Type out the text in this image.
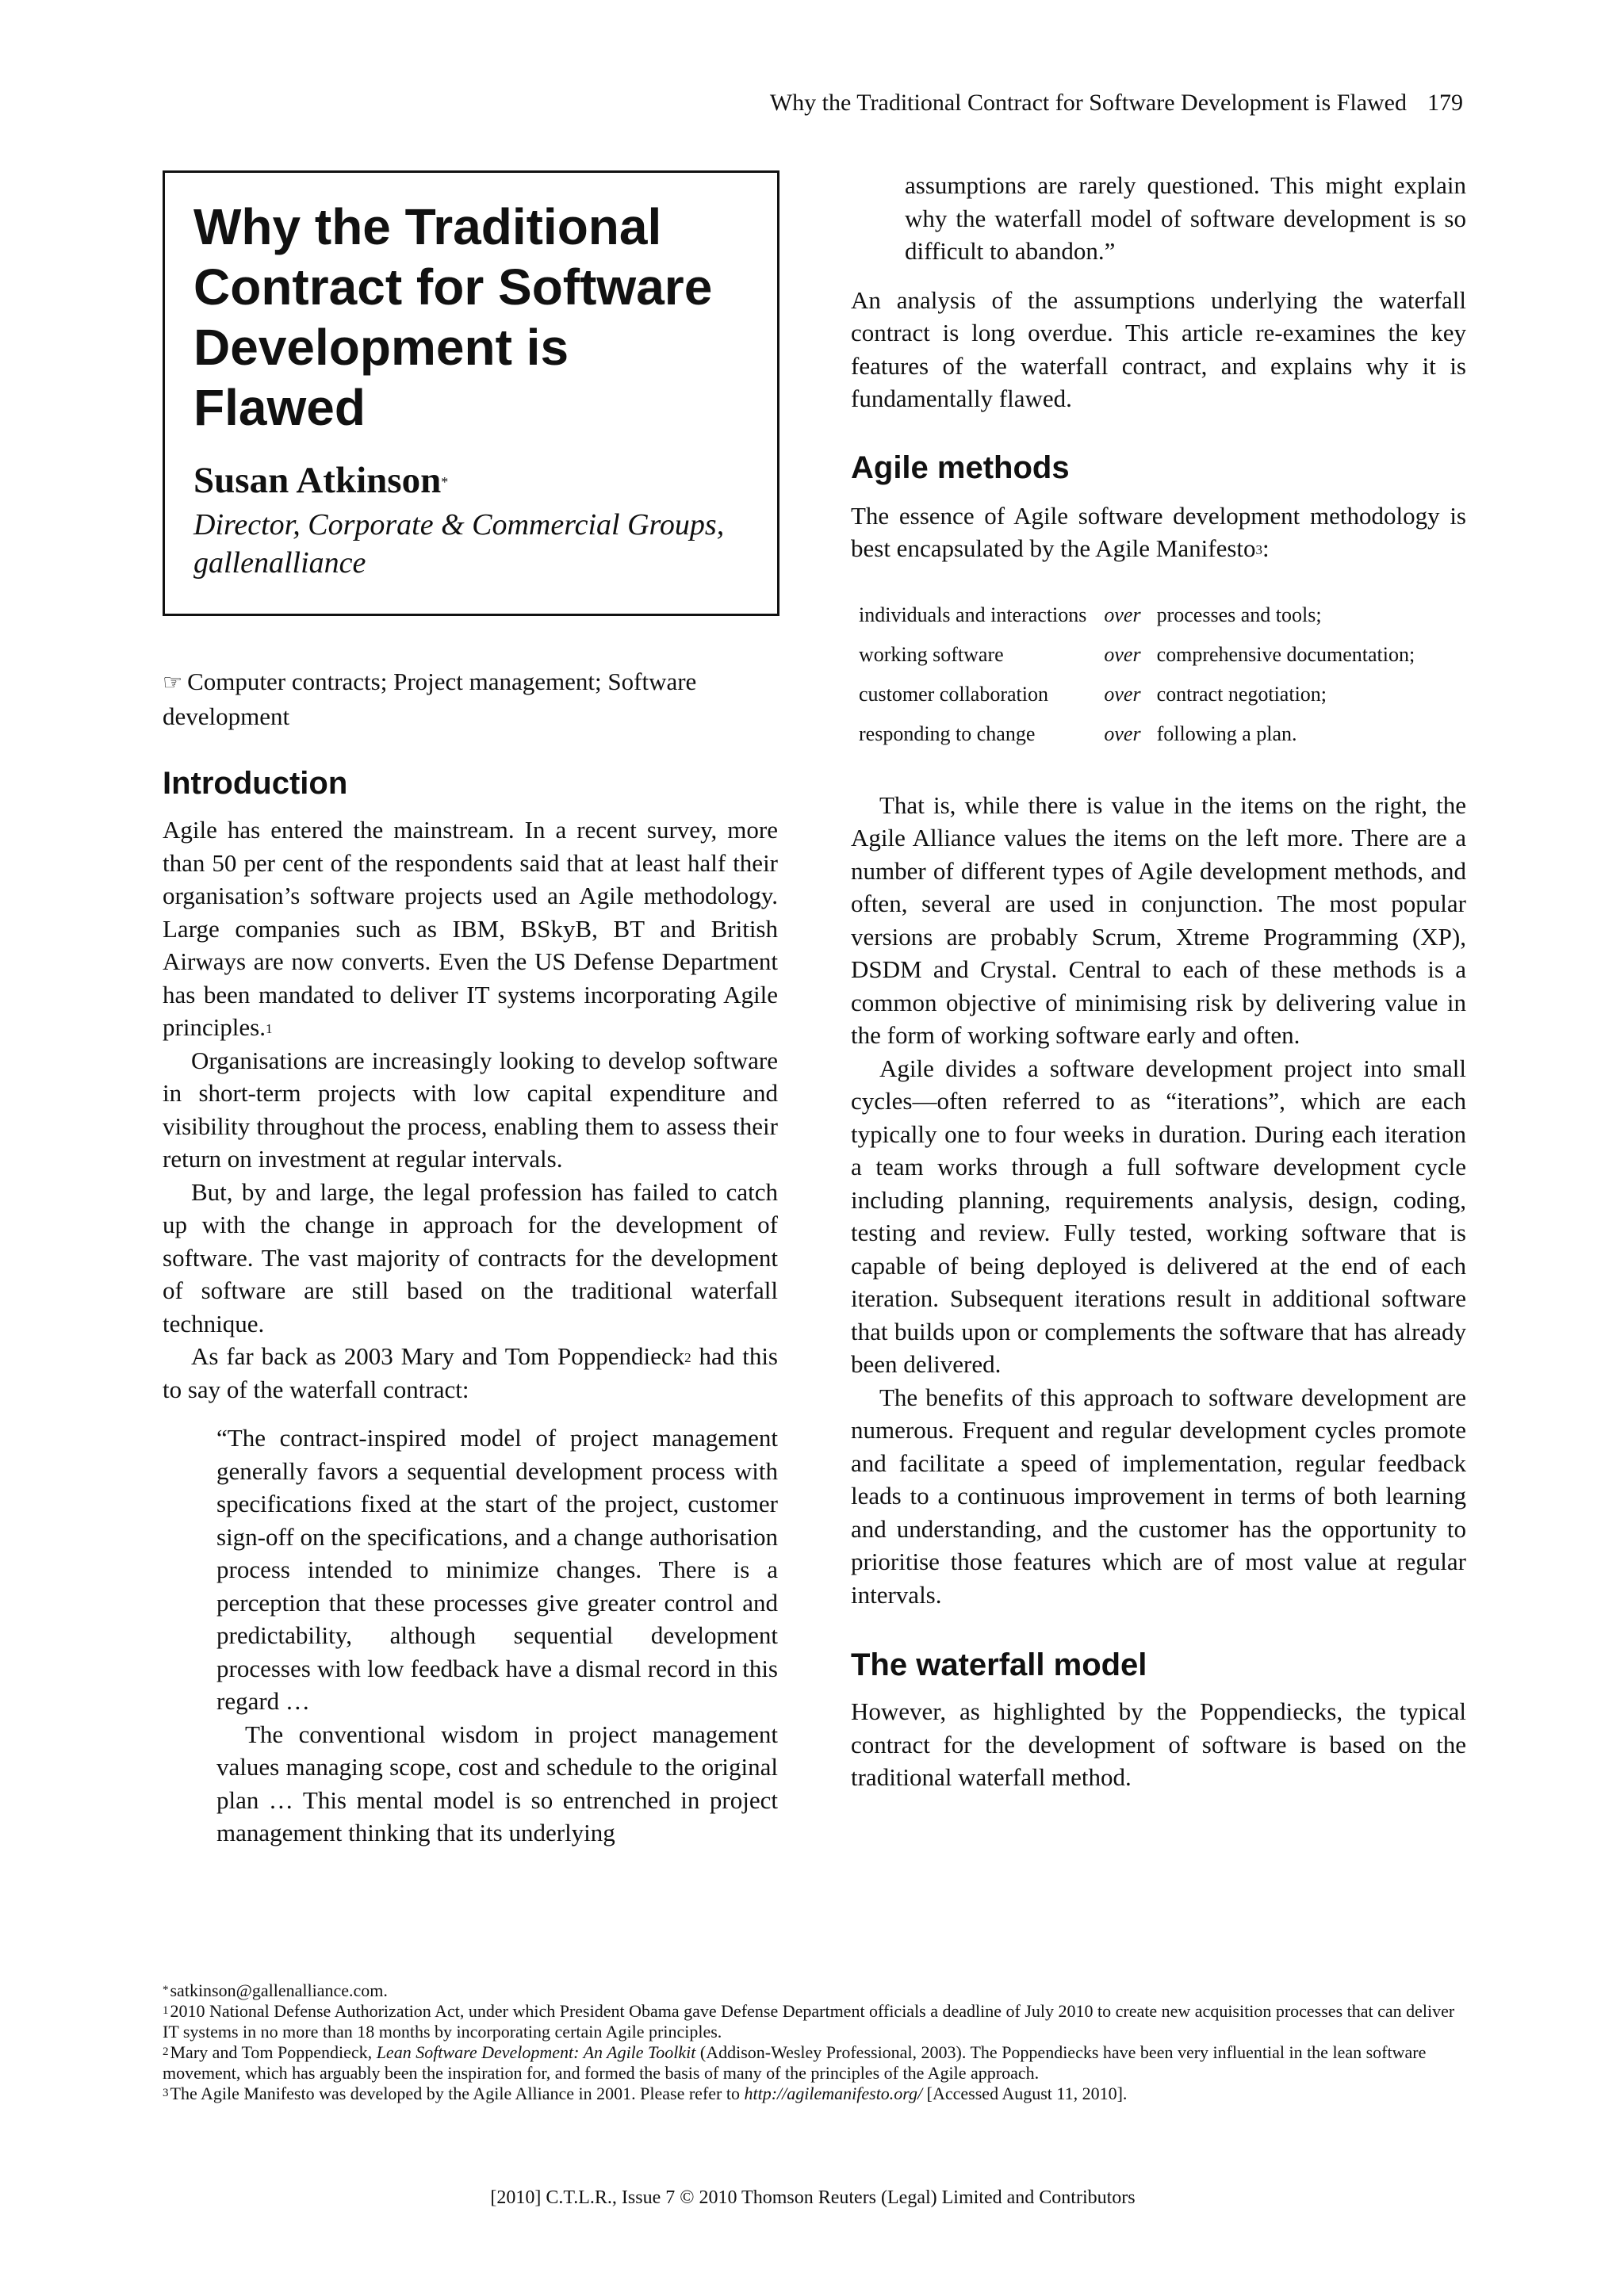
Why the Traditional Contract for Software Development is Flawed 179
Why the Traditional Contract for Software Development is Flawed
Susan Atkinson*
Director, Corporate & Commercial Groups, gallenalliance
☞ Computer contracts; Project management; Software development
Introduction

Agile has entered the mainstream. In a recent survey, more than 50 per cent of the respondents said that at least half their organisation’s software projects used an Agile methodology. Large companies such as IBM, BSkyB, BT and British Airways are now converts. Even the US Defense Department has been mandated to deliver IT systems incorporating Agile principles.$^1$

Organisations are increasingly looking to develop software in short-term projects with low capital expenditure and visibility throughout the process, enabling them to assess their return on investment at regular intervals.

But, by and large, the legal profession has failed to catch up with the change in approach for the development of software. The vast majority of contracts for the development of software are still based on the traditional waterfall technique.

As far back as 2003 Mary and Tom Poppendieck$^2$ had this to say of the waterfall contract:

“The contract-inspired model of project management generally favors a sequential development process with specifications fixed at the start of the project, customer sign-off on the specifications, and a change authorisation process intended to minimize changes. There is a perception that these processes give greater control and predictability, although sequential development processes with low feedback have a dismal record in this regard …

The conventional wisdom in project management values managing scope, cost and schedule to the original plan … This mental model is so entrenched in project management thinking that its underlying

assumptions are rarely questioned. This might explain why the waterfall model of software development is so difficult to abandon.”

An analysis of the assumptions underlying the waterfall contract is long overdue. This article re-examines the key features of the waterfall contract, and explains why it is fundamentally flawed.

Agile methods

The essence of Agile software development methodology is best encapsulated by the Agile Manifesto$^3$:

individuals and interactions	over	processes and tools;
working software	over	comprehensive documentation;
customer collaboration	over	contract negotiation;
responding to change	over	following a plan.

That is, while there is value in the items on the right, the Agile Alliance values the items on the left more. There are a number of different types of Agile development methods, and often, several are used in conjunction. The most popular versions are probably Scrum, Xtreme Programming (XP), DSDM and Crystal. Central to each of these methods is a common objective of minimising risk by delivering value in the form of working software early and often.

Agile divides a software development project into small cycles—often referred to as “iterations”, which are each typically one to four weeks in duration. During each iteration a team works through a full software development cycle including planning, requirements analysis, design, coding, testing and review. Fully tested, working software that is capable of being deployed is delivered at the end of each iteration. Subsequent iterations result in additional software that builds upon or complements the software that has already been delivered.

The benefits of this approach to software development are numerous. Frequent and regular development cycles promote and facilitate a speed of implementation, regular feedback leads to a continuous improvement in terms of both learning and understanding, and the customer has the opportunity to prioritise those features which are of most value at regular intervals.

The waterfall model

However, as highlighted by the Poppendiecks, the typical contract for the development of software is based on the traditional waterfall method.

*satkinson@gallenalliance.com.

$^1$2010 National Defense Authorization Act, under which President Obama gave Defense Department officials a deadline of July 2010 to create new acquisition processes that can deliver IT systems in no more than 18 months by incorporating certain Agile principles.

$^2$Mary and Tom Poppendieck, Lean Software Development: An Agile Toolkit (Addison-Wesley Professional, 2003). The Poppendiecks have been very influential in the lean software movement, which has arguably been the inspiration for, and formed the basis of many of the principles of the Agile approach.

$^3$The Agile Manifesto was developed by the Agile Alliance in 2001. Please refer to http://agilemanifesto.org/ [Accessed August 11, 2010].

[2010] C.T.L.R., Issue 7 © 2010 Thomson Reuters (Legal) Limited and Contributors
